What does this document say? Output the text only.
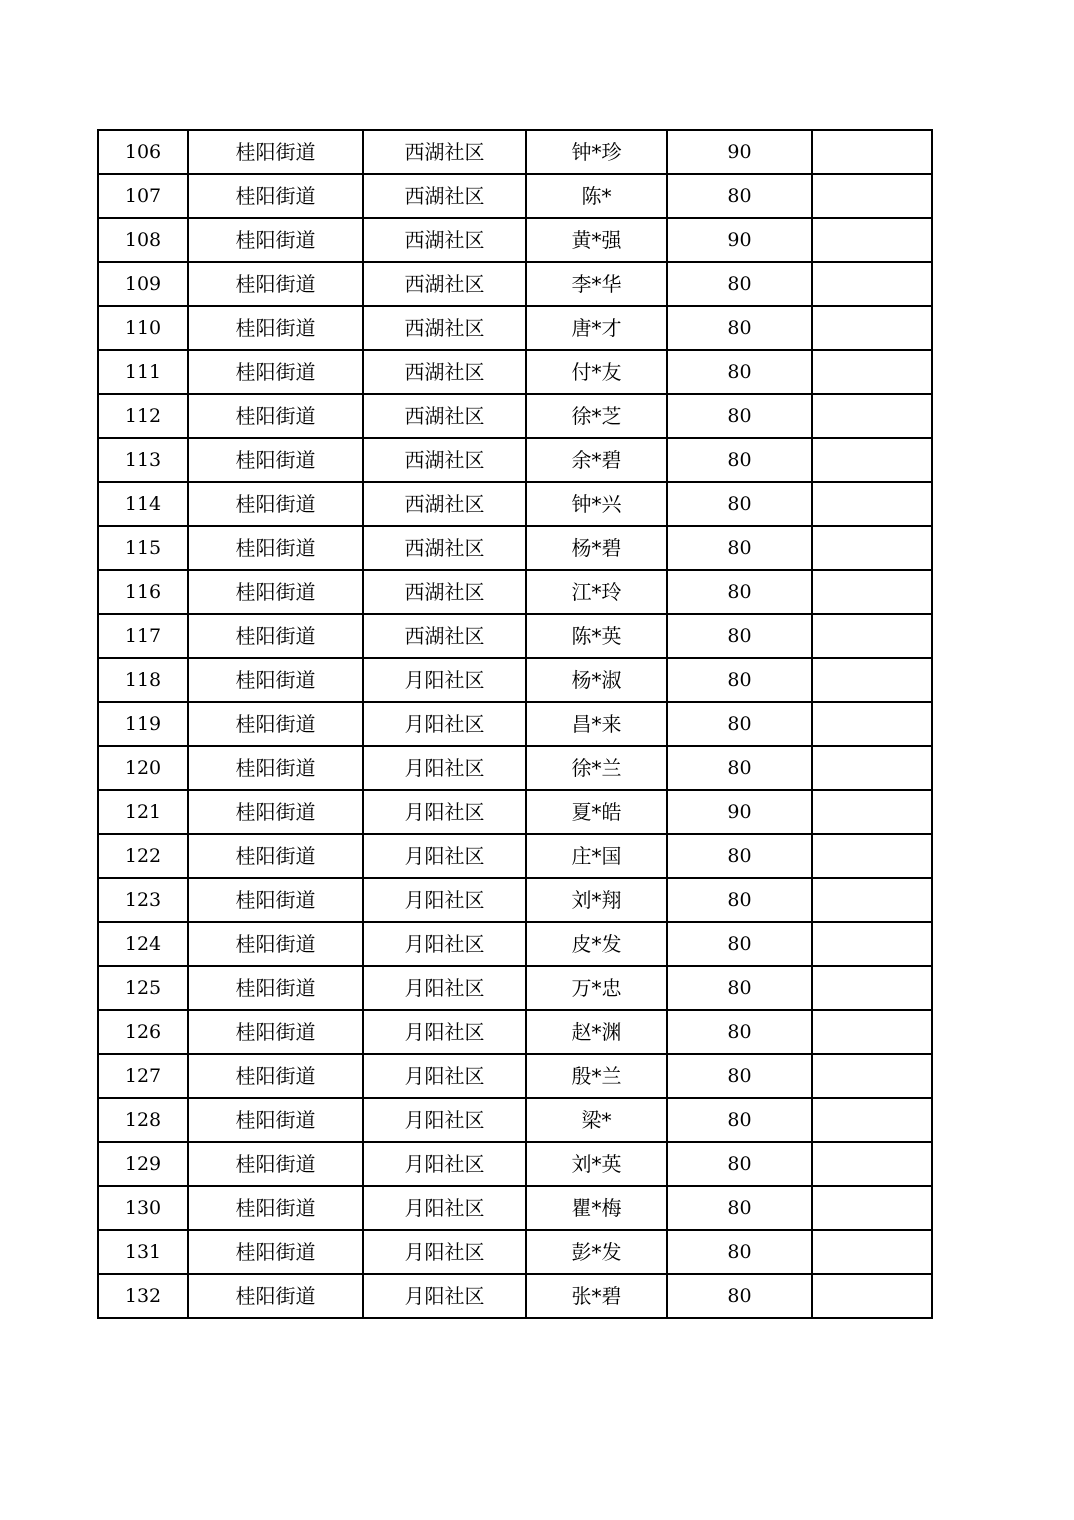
106	桂阳街道	西湖社区	钟*珍	90	
107	桂阳街道	西湖社区	陈*	80	
108	桂阳街道	西湖社区	黄*强	90	
109	桂阳街道	西湖社区	李*华	80	
110	桂阳街道	西湖社区	唐*才	80	
111	桂阳街道	西湖社区	付*友	80	
112	桂阳街道	西湖社区	徐*芝	80	
113	桂阳街道	西湖社区	余*碧	80	
114	桂阳街道	西湖社区	钟*兴	80	
115	桂阳街道	西湖社区	杨*碧	80	
116	桂阳街道	西湖社区	江*玲	80	
117	桂阳街道	西湖社区	陈*英	80	
118	桂阳街道	月阳社区	杨*淑	80	
119	桂阳街道	月阳社区	昌*来	80	
120	桂阳街道	月阳社区	徐*兰	80	
121	桂阳街道	月阳社区	夏*皓	90	
122	桂阳街道	月阳社区	庄*国	80	
123	桂阳街道	月阳社区	刘*翔	80	
124	桂阳街道	月阳社区	皮*发	80	
125	桂阳街道	月阳社区	万*忠	80	
126	桂阳街道	月阳社区	赵*渊	80	
127	桂阳街道	月阳社区	殷*兰	80	
128	桂阳街道	月阳社区	梁*	80	
129	桂阳街道	月阳社区	刘*英	80	
130	桂阳街道	月阳社区	瞿*梅	80	
131	桂阳街道	月阳社区	彭*发	80	
132	桂阳街道	月阳社区	张*碧	80	
